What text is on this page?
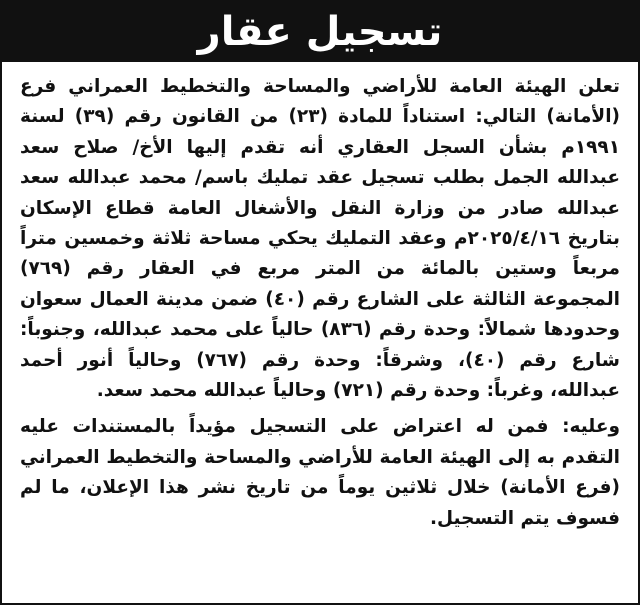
تسجيل عقار

تعلن الهيئة العامة للأراضي والمساحة والتخطيط العمراني فرع (الأمانة) التالي: استناداً للمادة (٢٣) من القانون رقم (٣٩) لسنة ١٩٩١م بشأن السجل العقاري أنه تقدم إليها الأخ/ صلاح سعد عبدالله الجمل بطلب تسجيل عقد تمليك باسم/ محمد عبدالله سعد عبدالله صادر من وزارة النقل والأشغال العامة قطاع الإسكان بتاريخ ٢٠٢٥/٤/١٦م وعقد التمليك يحكي مساحة ثلاثة وخمسين متراً مربعاً وستين بالمائة من المتر مربع في العقار رقم (٧٦٩) المجموعة الثالثة على الشارع رقم (٤٠) ضمن مدينة العمال سعوان وحدودها شمالاً: وحدة رقم (٨٣٦) حالياً على محمد عبدالله، وجنوباً: شارع رقم (٤٠)، وشرقاً: وحدة رقم (٧٦٧) وحالياً أنور أحمد عبدالله، وغرباً: وحدة رقم (٧٢١) وحالياً عبدالله محمد سعد.

وعليه: فمن له اعتراض على التسجيل مؤيداً بالمستندات عليه التقدم به إلى الهيئة العامة للأراضي والمساحة والتخطيط العمراني (فرع الأمانة) خلال ثلاثين يوماً من تاريخ نشر هذا الإعلان، ما لم فسوف يتم التسجيل.
